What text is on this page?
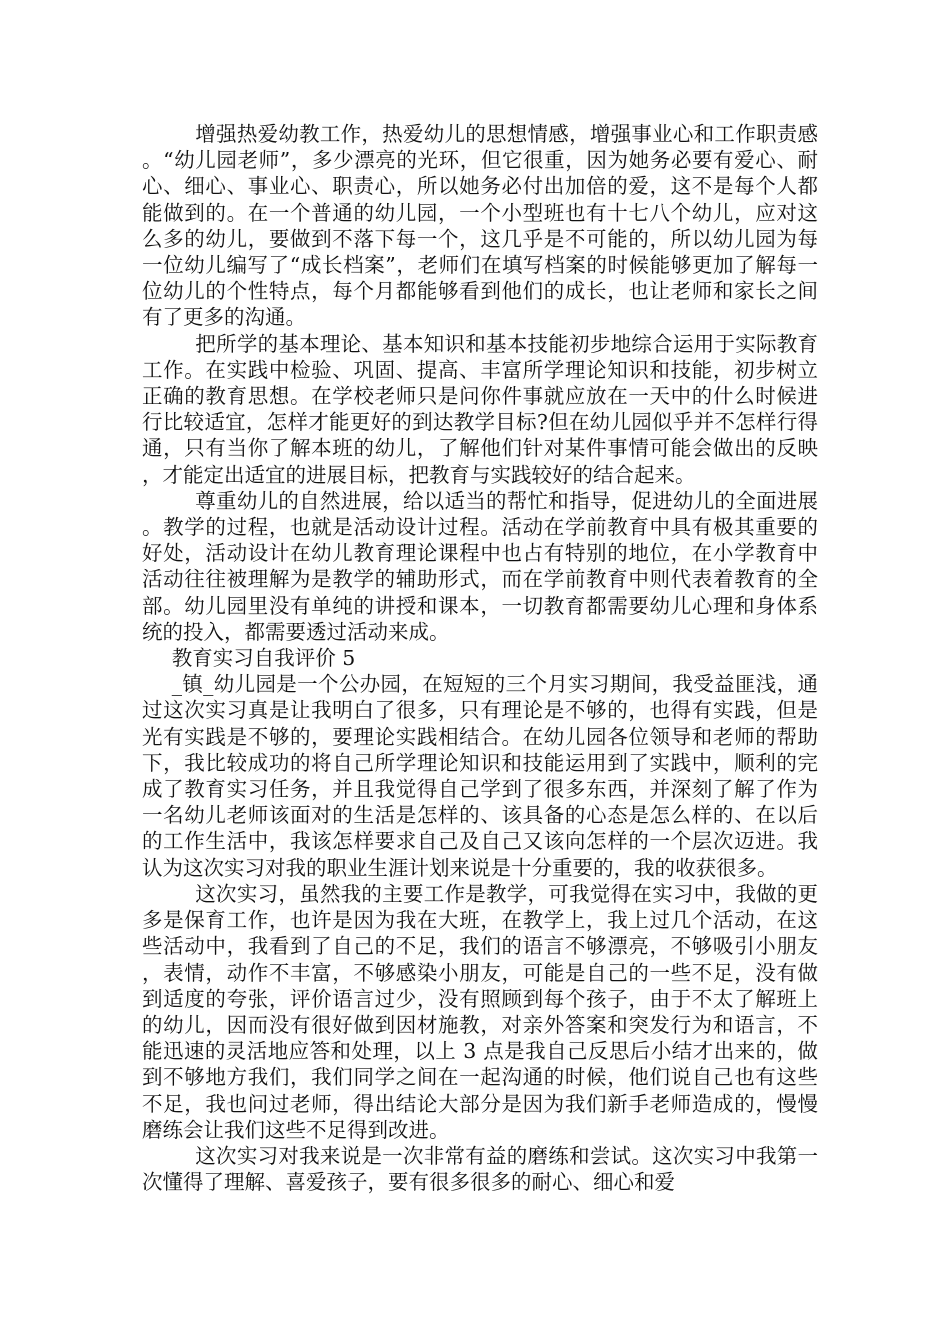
增强热爱幼教工作，热爱幼儿的思想情感，增强事业心和工作职责感。“幼儿园老师”，多少漂亮的光环，但它很重，因为她务必要有爱心、耐心、细心、事业心、职责心，所以她务必付出加倍的爱，这不是每个人都能做到的。在一个普通的幼儿园，一个小型班也有十七八个幼儿，应对这么多的幼儿，要做到不落下每一个，这几乎是不可能的，所以幼儿园为每一位幼儿编写了“成长档案”，老师们在填写档案的时候能够更加了解每一位幼儿的个性特点，每个月都能够看到他们的成长，也让老师和家长之间有了更多的沟通。

把所学的基本理论、基本知识和基本技能初步地综合运用于实际教育工作。在实践中检验、巩固、提高、丰富所学理论知识和技能，初步树立正确的教育思想。在学校老师只是问你件事就应放在一天中的什么时候进行比较适宜，怎样才能更好的到达教学目标?但在幼儿园似乎并不怎样行得通，只有当你了解本班的幼儿，了解他们针对某件事情可能会做出的反映，才能定出适宜的进展目标，把教育与实践较好的结合起来。

尊重幼儿的自然进展，给以适当的帮忙和指导，促进幼儿的全面进展。教学的过程，也就是活动设计过程。活动在学前教育中具有极其重要的好处，活动设计在幼儿教育理论课程中也占有特别的地位，在小学教育中活动往往被理解为是教学的辅助形式，而在学前教育中则代表着教育的全部。幼儿园里没有单纯的讲授和课本，一切教育都需要幼儿心理和身体系统的投入，都需要透过活动来成。

教育实习自我评价 5

_镇_幼儿园是一个公办园，在短短的三个月实习期间，我受益匪浅，通过这次实习真是让我明白了很多，只有理论是不够的，也得有实践，但是光有实践是不够的，要理论实践相结合。在幼儿园各位领导和老师的帮助下，我比较成功的将自己所学理论知识和技能运用到了实践中，顺利的完成了教育实习任务，并且我觉得自己学到了很多东西，并深刻了解了作为一名幼儿老师该面对的生活是怎样的、该具备的心态是怎么样的、在以后的工作生活中，我该怎样要求自己及自己又该向怎样的一个层次迈进。我认为这次实习对我的职业生涯计划来说是十分重要的，我的收获很多。

这次实习，虽然我的主要工作是教学，可我觉得在实习中，我做的更多是保育工作，也许是因为我在大班，在教学上，我上过几个活动，在这些活动中，我看到了自己的不足，我们的语言不够漂亮，不够吸引小朋友，表情，动作不丰富，不够感染小朋友，可能是自己的一些不足，没有做到适度的夸张，评价语言过少，没有照顾到每个孩子，由于不太了解班上的幼儿，因而没有很好做到因材施教，对亲外答案和突发行为和语言，不能迅速的灵活地应答和处理，以上 3 点是我自己反思后小结才出来的，做到不够地方我们，我们同学之间在一起沟通的时候，他们说自己也有这些不足，我也问过老师，得出结论大部分是因为我们新手老师造成的，慢慢磨练会让我们这些不足得到改进。

这次实习对我来说是一次非常有益的磨练和尝试。这次实习中我第一次懂得了理解、喜爱孩子，要有很多很多的耐心、细心和爱
